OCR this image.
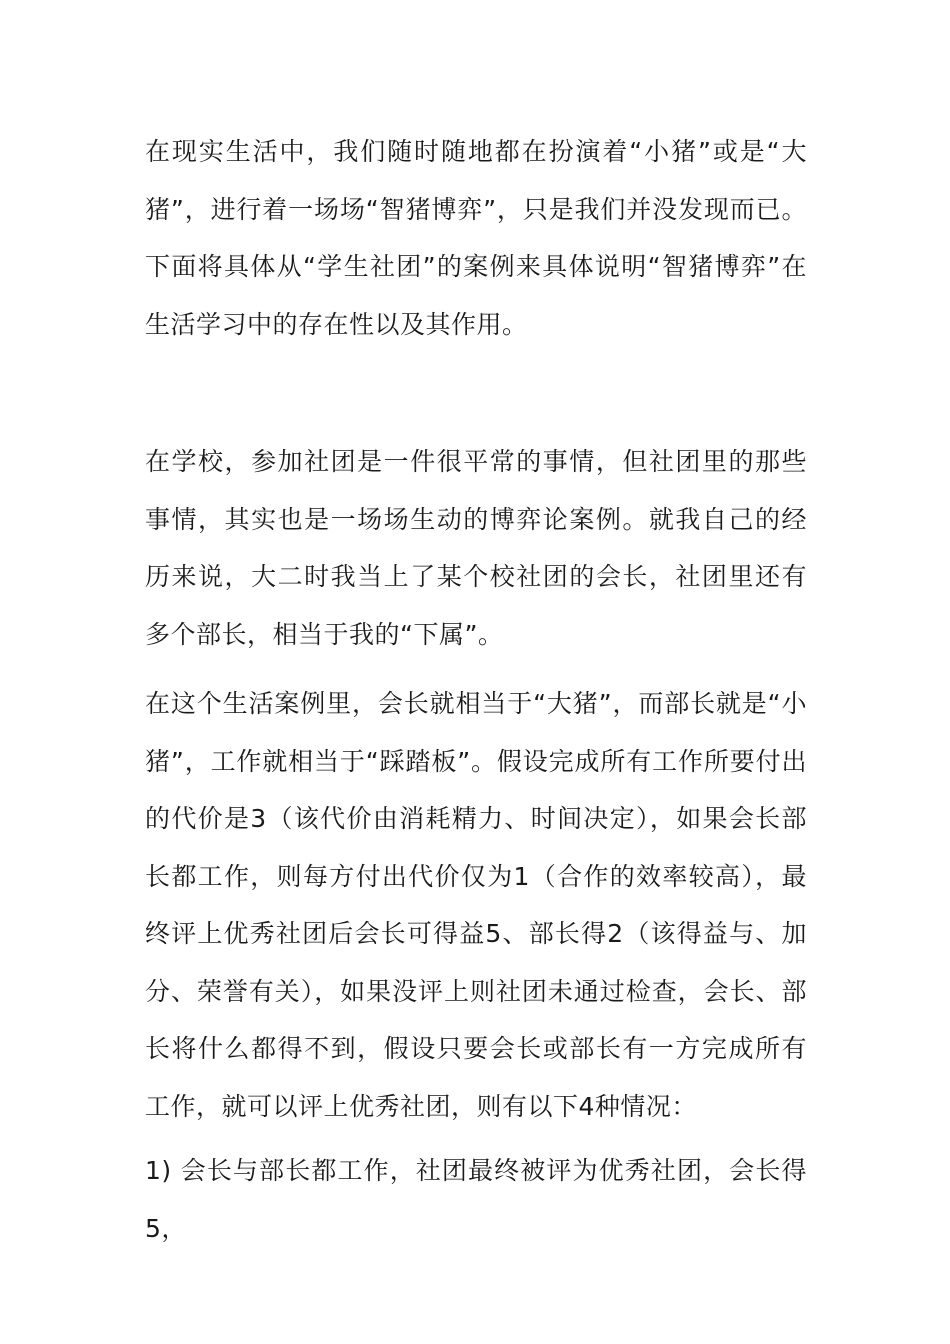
在现实生活中，我们随时随地都在扮演着“小猪”或是“大猪”，进行着一场场“智猪博弈”，只是我们并没发现而已。下面将具体从“学生社团”的案例来具体说明“智猪博弈”在生活学习中的存在性以及其作用。

在学校，参加社团是一件很平常的事情，但社团里的那些事情，其实也是一场场生动的博弈论案例。就我自己的经历来说，大二时我当上了某个校社团的会长，社团里还有多个部长，相当于我的“下属”。

在这个生活案例里，会长就相当于“大猪”，而部长就是“小猪”，工作就相当于“踩踏板”。假设完成所有工作所要付出的代价是3（该代价由消耗精力、时间决定），如果会长部长都工作，则每方付出代价仅为1（合作的效率较高），最终评上优秀社团后会长可得益5、部长得2（该得益与、加分、荣誉有关），如果没评上则社团未通过检查，会长、部长将什么都得不到，假设只要会长或部长有一方完成所有工作，就可以评上优秀社团，则有以下4种情况：

1) 会长与部长都工作，社团最终被评为优秀社团，会长得5，
